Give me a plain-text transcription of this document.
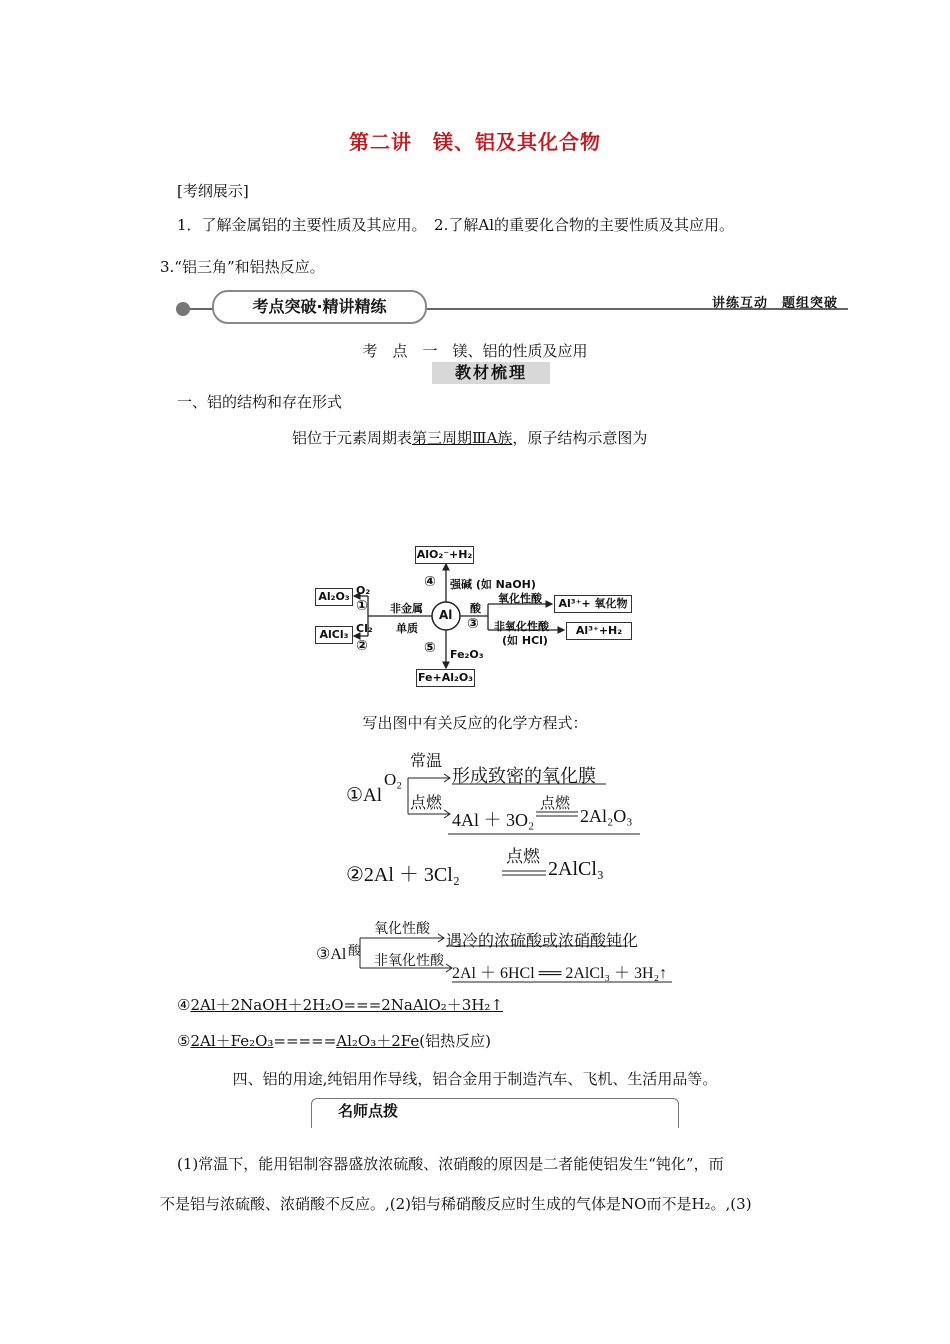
第二讲　镁、铝及其化合物
[考纲展示]
1．了解金属铝的主要性质及其应用。　2.了解Al的重要化合物的主要性质及其应用。
3.“铝三角”和铝热反应。
考点突破·精讲精练	讲练互动　题组突破
考　点　一　镁、铝的性质及应用
教材梳理
一、铝的结构和存在形式
铝位于元素周期表第三周期ⅢA族，原子结构示意图为
AlO₂⁻+H₂
Al₂O₃
AlCl₃
Al³⁺+ 氧化物
Al³⁺+H₂
Fe+Al₂O₃
Al
④ 强碱 (如 NaOH)
⑤ Fe₂O₃
O₂
①
Cl₂
②
非金属
单质
酸
③
氧化性酸
非氧化性酸
(如 HCl)
写出图中有关反应的化学方程式：
①Al
O₂
常温
形成致密的氧化膜
点燃
4Al ＋ 3O₂
点燃
2Al₂O₃
②2Al ＋ 3Cl₂
点燃
2AlCl₃
③Al 酸
氧化性酸
遇冷的浓硫酸或浓硝酸钝化
非氧化性酸
2Al ＋ 6HCl ══ 2AlCl₃ ＋ 3H₂↑
④2Al＋2NaOH＋2H₂O===2NaAlO₂＋3H₂↑
⑤2Al＋Fe₂O₃=====Al₂O₃＋2Fe(铝热反应)
四、铝的用途,纯铝用作导线，铝合金用于制造汽车、飞机、生活用品等。
名师点拨
(1)常温下，能用铝制容器盛放浓硫酸、浓硝酸的原因是二者能使铝发生“钝化”，而
不是铝与浓硫酸、浓硝酸不反应。,(2)铝与稀硝酸反应时生成的气体是NO而不是H₂。,(3)
